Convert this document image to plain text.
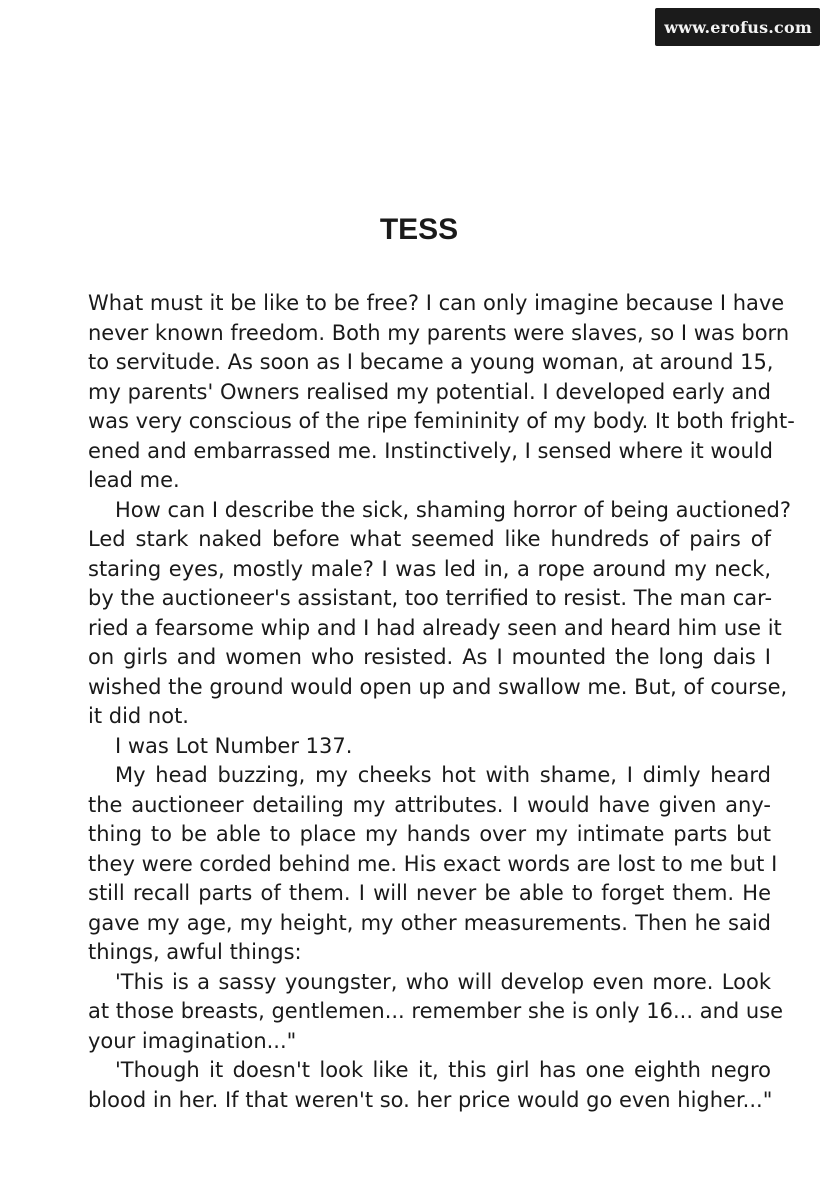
www.erofus.com
TESS
What must it be like to be free? I can only imagine because I have
never known freedom. Both my parents were slaves, so I was born
to servitude. As soon as I became a young woman, at around 15,
my parents' Owners realised my potential. I developed early and
was very conscious of the ripe femininity of my body. It both fright-
ened and embarrassed me. Instinctively, I sensed where it would
lead me.
How can I describe the sick, shaming horror of being auctioned?
Led stark naked before what seemed like hundreds of pairs of
staring eyes, mostly male? I was led in, a rope around my neck,
by the auctioneer's assistant, too terrified to resist. The man car-
ried a fearsome whip and I had already seen and heard him use it
on girls and women who resisted. As I mounted the long dais I
wished the ground would open up and swallow me. But, of course,
it did not.
I was Lot Number 137.
My head buzzing, my cheeks hot with shame, I dimly heard
the auctioneer detailing my attributes. I would have given any-
thing to be able to place my hands over my intimate parts but
they were corded behind me. His exact words are lost to me but I
still recall parts of them. I will never be able to forget them. He
gave my age, my height, my other measurements. Then he said
things, awful things:
'This is a sassy youngster, who will develop even more. Look
at those breasts, gentlemen... remember she is only 16... and use
your imagination..."
'Though it doesn't look like it, this girl has one eighth negro
blood in her. If that weren't so. her price would go even higher..."
